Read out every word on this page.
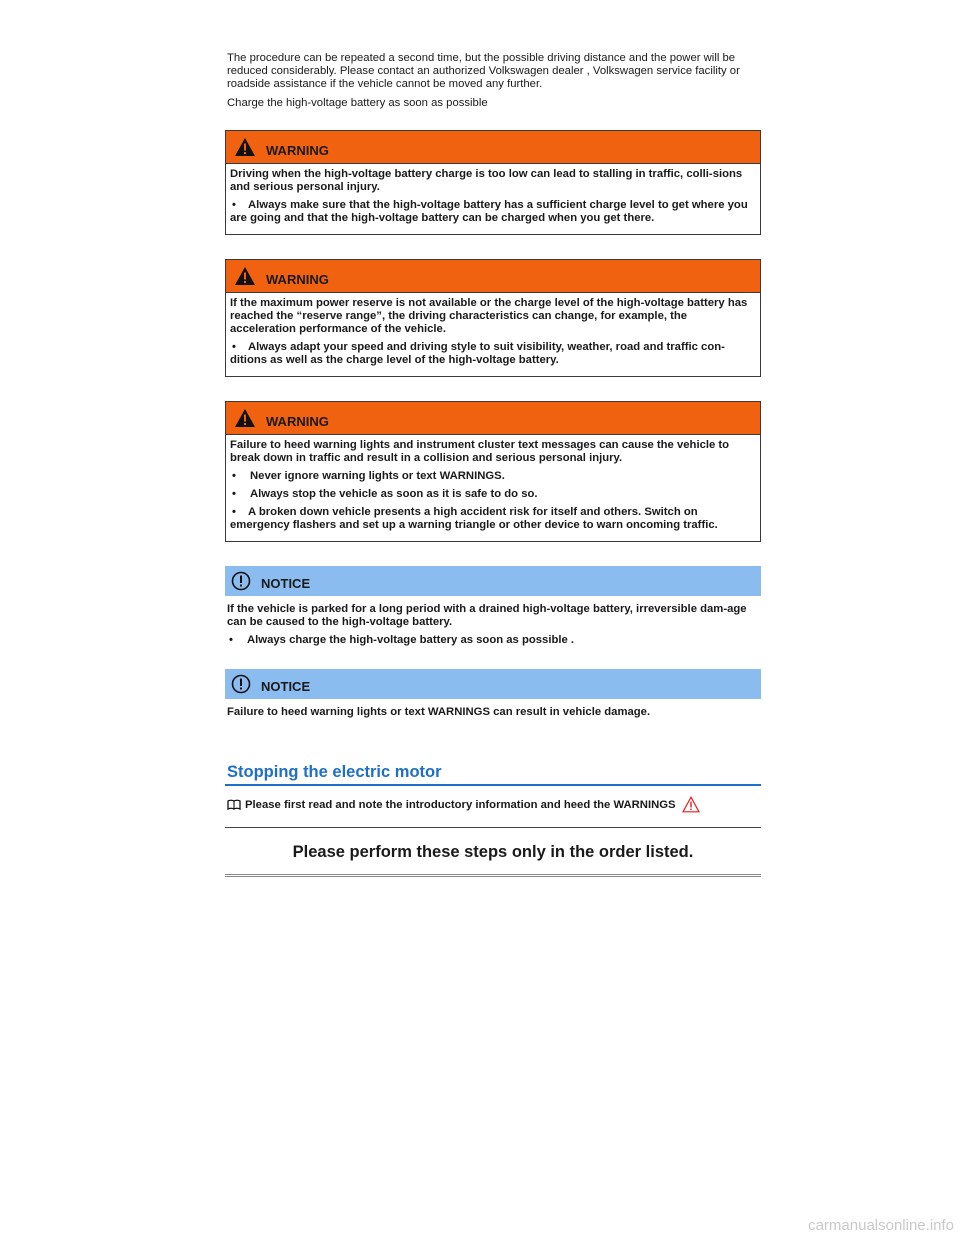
The procedure can be repeated a second time, but the possible driving distance and the power will be reduced considerably. Please contact an authorized Volkswagen dealer , Volkswagen service facility or roadside assistance if the vehicle cannot be moved any further.

Charge the high-voltage battery as soon as possible

WARNING

Driving when the high-voltage battery charge is too low can lead to stalling in traffic, colli-sions and serious personal injury.

• Always make sure that the high-voltage battery has a sufficient charge level to get where you are going and that the high-voltage battery can be charged when you get there.
WARNING

If the maximum power reserve is not available or the charge level of the high-voltage battery has reached the “reserve range”, the driving characteristics can change, for example, the acceleration performance of the vehicle.

• Always adapt your speed and driving style to suit visibility, weather, road and traffic con-ditions as well as the charge level of the high-voltage battery.
WARNING

Failure to heed warning lights and instrument cluster text messages can cause the vehicle to break down in traffic and result in a collision and serious personal injury.

•	Never ignore warning lights or text WARNINGS.
•	Always stop the vehicle as soon as it is safe to do so.
• A broken down vehicle presents a high accident risk for itself and others. Switch on emergency flashers and set up a warning triangle or other device to warn oncoming traffic.
NOTICE

If the vehicle is parked for a long period with a drained high-voltage battery, irreversible dam-age can be caused to the high-voltage battery.

•	Always charge the high-voltage battery as soon as possible .
NOTICE

Failure to heed warning lights or text WARNINGS can result in vehicle damage.

Stopping the electric motor
Please first read and note the introductory information and heed the WARNINGS
Please perform these steps only in the order listed.
carmanualsonline.info
